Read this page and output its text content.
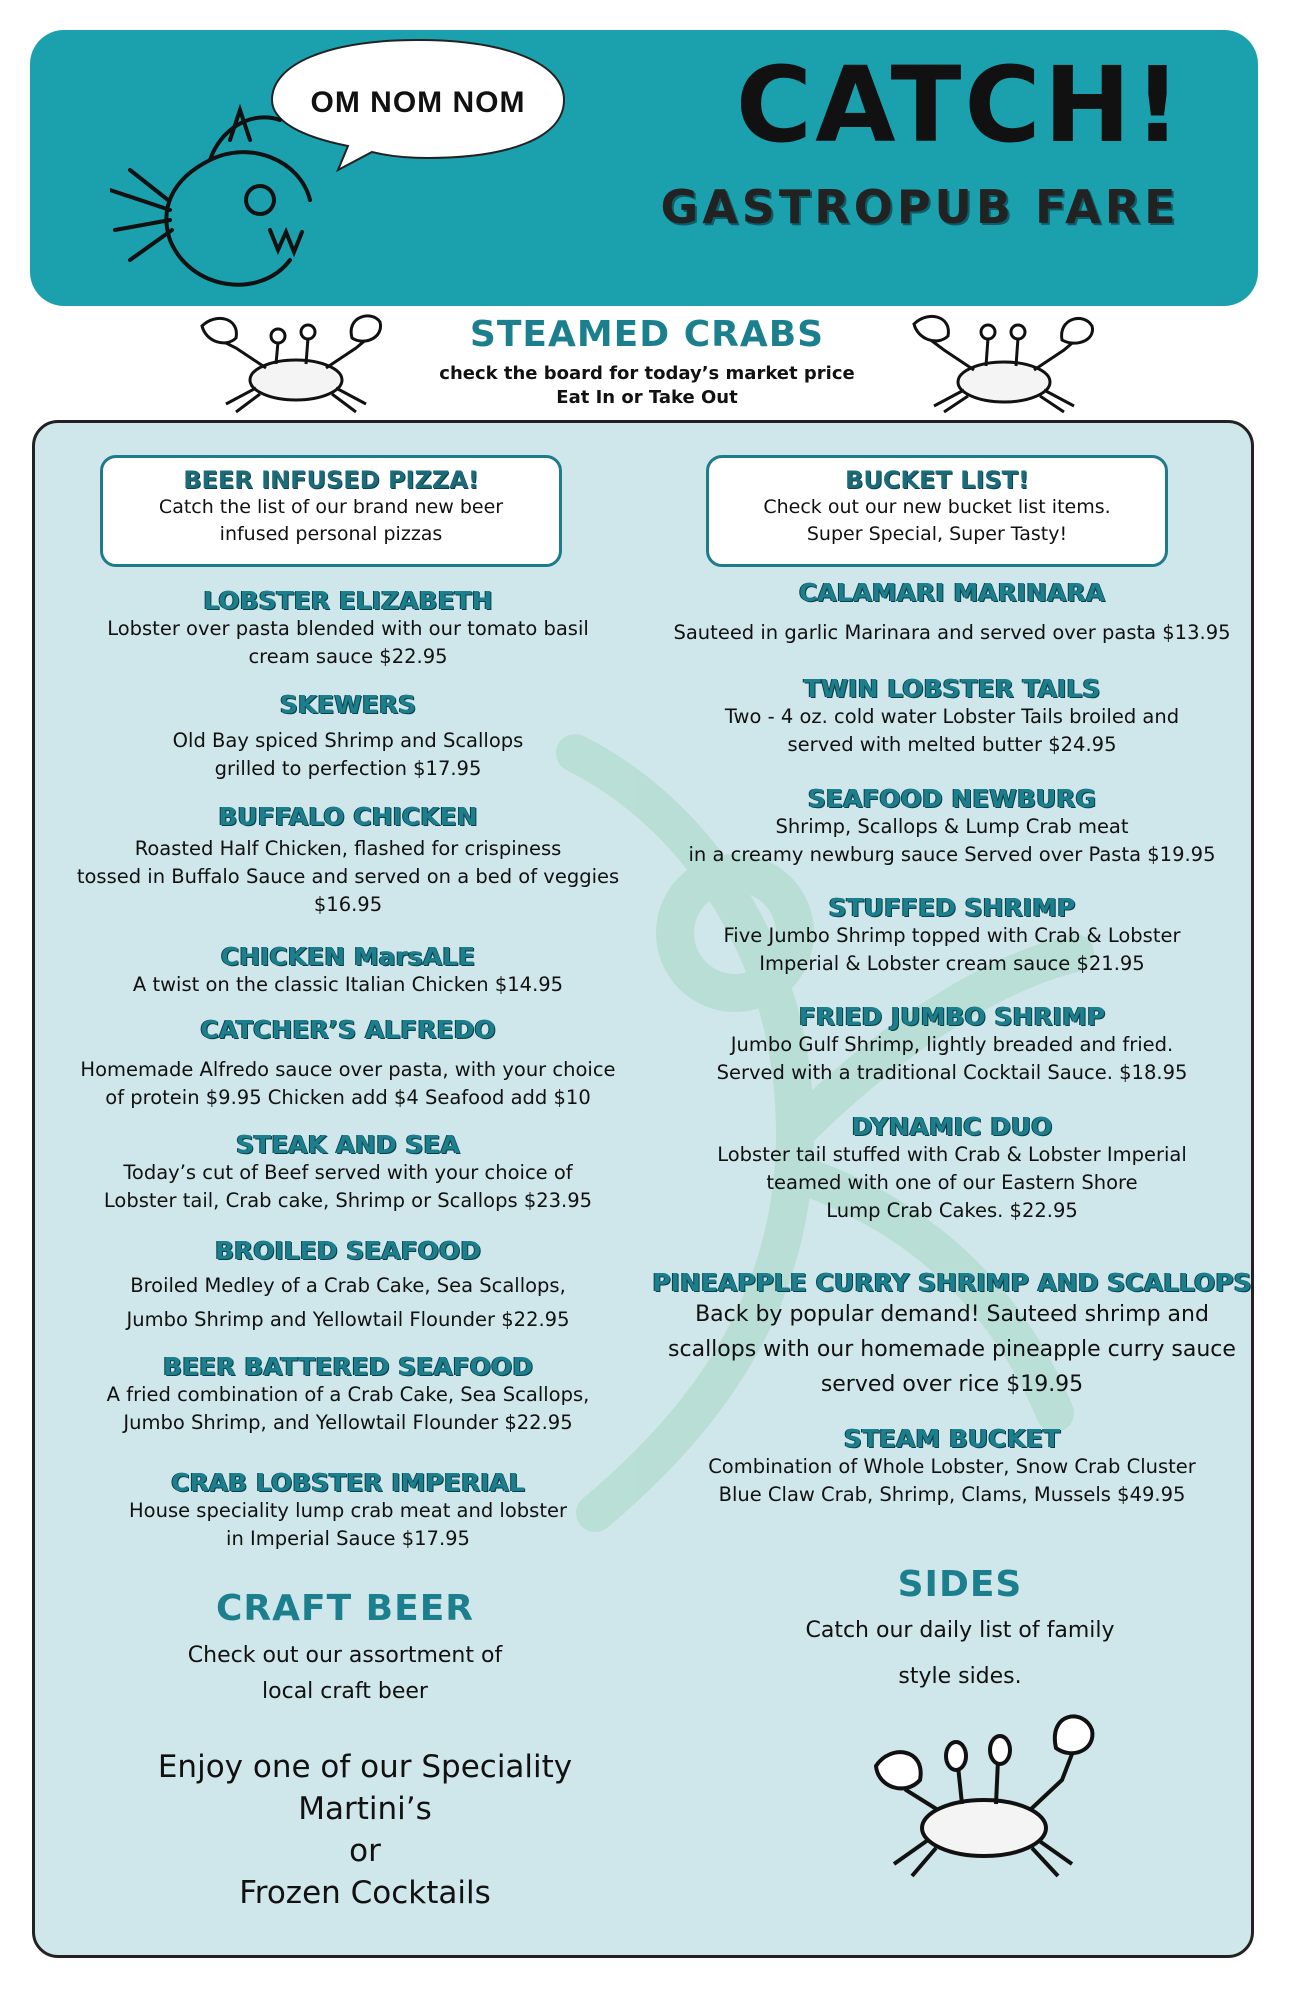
OM NOM NOM	CATCH!
GASTROPUB FARE
STEAMED CRABS
check the board for today’s market price
Eat In or Take Out
BEER INFUSED PIZZA!
Catch the list of our brand new beer
infused personal pizzas
BUCKET LIST!
Check out our new bucket list items.
Super Special, Super Tasty!
LOBSTER ELIZABETH
Lobster over pasta blended with our tomato basil
cream sauce $22.95
SKEWERS
Old Bay spiced Shrimp and Scallops
grilled to perfection $17.95
BUFFALO CHICKEN
Roasted Half Chicken, flashed for crispiness
tossed in Buffalo Sauce and served on a bed of veggies
$16.95
CHICKEN MarsALE
A twist on the classic Italian Chicken $14.95
CATCHER’S ALFREDO
Homemade Alfredo sauce over pasta, with your choice
of protein $9.95 Chicken add $4 Seafood add $10
STEAK AND SEA
Today’s cut of Beef served with your choice of
Lobster tail, Crab cake, Shrimp or Scallops $23.95
BROILED SEAFOOD
Broiled Medley of a Crab Cake, Sea Scallops,
Jumbo Shrimp and Yellowtail Flounder $22.95
BEER BATTERED SEAFOOD
A fried combination of a Crab Cake, Sea Scallops,
Jumbo Shrimp, and Yellowtail Flounder $22.95
CRAB LOBSTER IMPERIAL
House speciality lump crab meat and lobster
in Imperial Sauce $17.95
CALAMARI MARINARA
Sauteed in garlic Marinara and served over pasta $13.95
TWIN LOBSTER TAILS
Two - 4 oz. cold water Lobster Tails broiled and
served with melted butter $24.95
SEAFOOD NEWBURG
Shrimp, Scallops & Lump Crab meat
in a creamy newburg sauce Served over Pasta $19.95
STUFFED SHRIMP
Five Jumbo Shrimp topped with Crab & Lobster
Imperial & Lobster cream sauce $21.95
FRIED JUMBO SHRIMP
Jumbo Gulf Shrimp, lightly breaded and fried.
Served with a traditional Cocktail Sauce. $18.95
DYNAMIC DUO
Lobster tail stuffed with Crab & Lobster Imperial
teamed with one of our Eastern Shore
Lump Crab Cakes. $22.95
PINEAPPLE CURRY SHRIMP AND SCALLOPS
Back by popular demand! Sauteed shrimp and
scallops with our homemade pineapple curry sauce
served over rice $19.95
STEAM BUCKET
Combination of Whole Lobster, Snow Crab Cluster
Blue Claw Crab, Shrimp, Clams, Mussels $49.95
CRAFT BEER
Check out our assortment of
local craft beer
Enjoy one of our Speciality
Martini’s
or
Frozen Cocktails
SIDES
Catch our daily list of family
style sides.
